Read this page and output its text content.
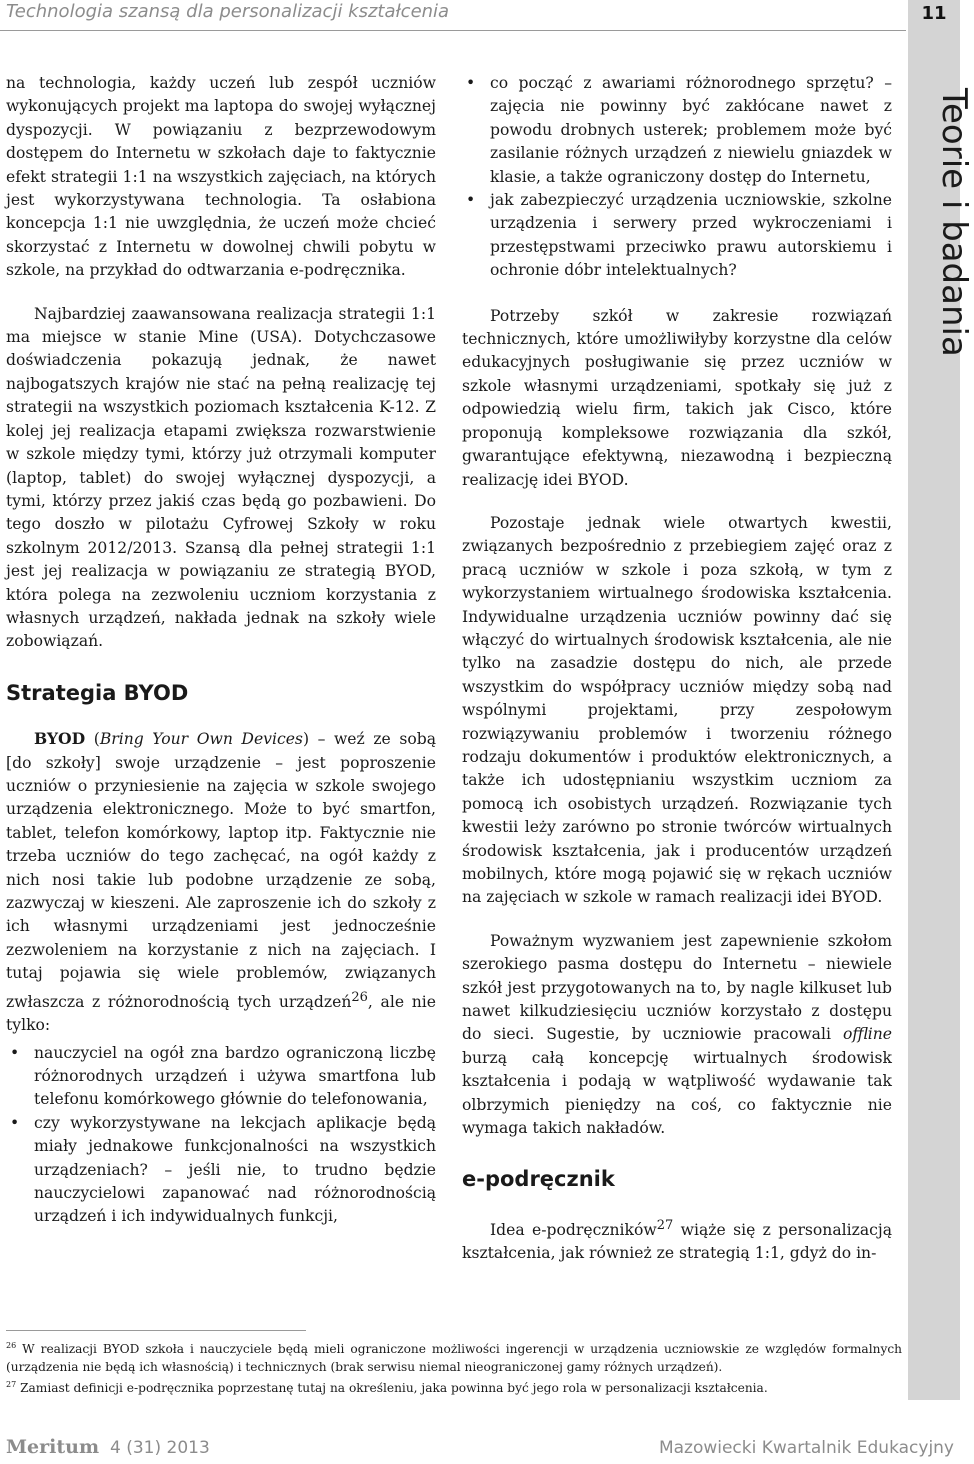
Technologia szansą dla personalizacji kształcenia	11
Teorie i badania

na technologia, każdy uczeń lub zespół uczniów wykonujących projekt ma laptopa do swojej wyłącznej dyspozycji. W powiązaniu z bezprzewodowym dostępem do Internetu w szkołach daje to faktycznie efekt strategii 1:1 na wszystkich zajęciach, na których jest wykorzystywana technologia. Ta osłabiona koncepcja 1:1 nie uwzględnia, że uczeń może chcieć skorzystać z Internetu w dowolnej chwili pobytu w szkole, na przykład do odtwarzania e-podręcznika.

Najbardziej zaawansowana realizacja strategii 1:1 ma miejsce w stanie Mine (USA). Dotychczasowe doświadczenia pokazują jednak, że nawet najbogatszych krajów nie stać na pełną realizację tej strategii na wszystkich poziomach kształcenia K-12. Z kolej jej realizacja etapami zwiększa rozwarstwienie w szkole między tymi, którzy już otrzymali komputer (laptop, tablet) do swojej wyłącznej dyspozycji, a tymi, którzy przez jakiś czas będą go pozbawieni. Do tego doszło w pilotażu Cyfrowej Szkoły w roku szkolnym 2012/2013. Szansą dla pełnej strategii 1:1 jest jej realizacja w powiązaniu ze strategią BYOD, która polega na zezwoleniu uczniom korzystania z własnych urządzeń, nakłada jednak na szkoły wiele zobowiązań.

Strategia BYOD

BYOD (Bring Your Own Devices) – weź ze sobą [do szkoły] swoje urządzenie – jest poproszenie uczniów o przyniesienie na zajęcia w szkole swojego urządzenia elektronicznego. Może to być smartfon, tablet, telefon komórkowy, laptop itp. Faktycznie nie trzeba uczniów do tego zachęcać, na ogół każdy z nich nosi takie lub podobne urządzenie ze sobą, zazwyczaj w kieszeni. Ale zaproszenie ich do szkoły z ich własnymi urządzeniami jest jednocześnie zezwoleniem na korzystanie z nich na zajęciach. I tutaj pojawia się wiele problemów, związanych zwłaszcza z różnorodnością tych urządzeń$^{26}$, ale nie tylko:

• nauczyciel na ogół zna bardzo ograniczoną liczbę różnorodnych urządzeń i używa smartfona lub telefonu komórkowego głównie do telefonowania,
• czy wykorzystywane na lekcjach aplikacje będą miały jednakowe funkcjonalności na wszystkich urządzeniach? – jeśli nie, to trudno będzie nauczycielowi zapanować nad różnorodnością urządzeń i ich indywidualnych funkcji,
• co począć z awariami różnorodnego sprzętu? – zajęcia nie powinny być zakłócane nawet z powodu drobnych usterek; problemem może być zasilanie różnych urządzeń z niewielu gniazdek w klasie, a także ograniczony dostęp do Internetu,
• jak zabezpieczyć urządzenia uczniowskie, szkolne urządzenia i serwery przed wykroczeniami i przestępstwami przeciwko prawu autorskiemu i ochronie dóbr intelektualnych?

Potrzeby szkół w zakresie rozwiązań technicznych, które umożliwiłyby korzystne dla celów edukacyjnych posługiwanie się przez uczniów w szkole własnymi urządzeniami, spotkały się już z odpowiedzią wielu firm, takich jak Cisco, które proponują kompleksowe rozwiązania dla szkół, gwarantujące efektywną, niezawodną i bezpieczną realizację idei BYOD.

Pozostaje jednak wiele otwartych kwestii, związanych bezpośrednio z przebiegiem zajęć oraz z pracą uczniów w szkole i poza szkołą, w tym z wykorzystaniem wirtualnego środowiska kształcenia. Indywidualne urządzenia uczniów powinny dać się włączyć do wirtualnych środowisk kształcenia, ale nie tylko na zasadzie dostępu do nich, ale przede wszystkim do współpracy uczniów między sobą nad wspólnymi projektami, przy zespołowym rozwiązywaniu problemów i tworzeniu różnego rodzaju dokumentów i produktów elektronicznych, a także ich udostępnianiu wszystkim uczniom za pomocą ich osobistych urządzeń. Rozwiązanie tych kwestii leży zarówno po stronie twórców wirtualnych środowisk kształcenia, jak i producentów urządzeń mobilnych, które mogą pojawić się w rękach uczniów na zajęciach w szkole w ramach realizacji idei BYOD.

Poważnym wyzwaniem jest zapewnienie szkołom szerokiego pasma dostępu do Internetu – niewiele szkół jest przygotowanych na to, by nagle kilkuset lub nawet kilkudziesięciu uczniów korzystało z dostępu do sieci. Sugestie, by uczniowie pracowali offline burzą całą koncepcję wirtualnych środowisk kształcenia i podają w wątpliwość wydawanie tak olbrzymich pieniędzy na coś, co faktycznie nie wymaga takich nakładów.

e-podręcznik

Idea e-podręczników$^{27}$ wiąże się z personalizacją kształcenia, jak również ze strategią 1:1, gdyż do in-

$^{26}$ W realizacji BYOD szkoła i nauczyciele będą mieli ograniczone możliwości ingerencji w urządzenia uczniowskie ze względów formalnych (urządzenia nie będą ich własnością) i technicznych (brak serwisu niemal nieograniczonej gamy różnych urządzeń).

$^{27}$ Zamiast definicji e-podręcznika poprzestanę tutaj na określeniu, jaka powinna być jego rola w personalizacji kształcenia.

Meritum 4 (31) 2013	Mazowiecki Kwartalnik Edukacyjny
